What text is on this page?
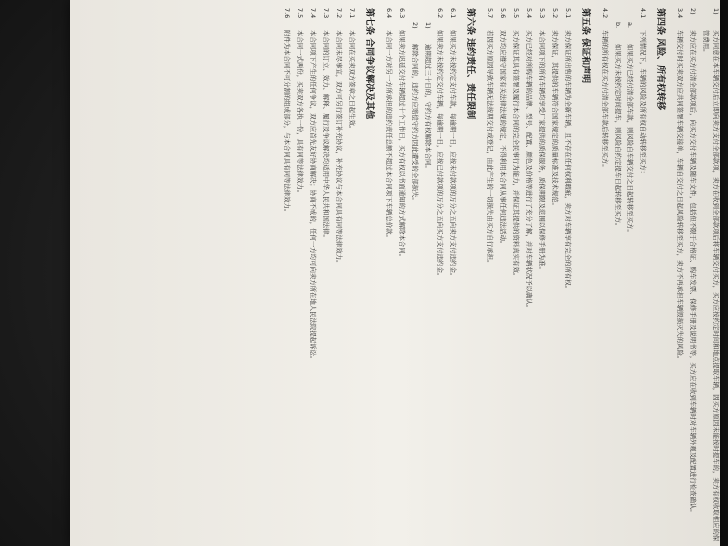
1)
买方同意在本车辆交付后立即向卖方支付全部款项，卖方在收到全部款项后将车辆交付买方，买方应按约定时间和地点提取车辆，因买方原因未能按时提车的，卖方有权收取相应的保管费用。
2)
卖方应在买方付清全部款项后，向买方交付车辆及随车文件，包括但不限于合格证、购车发票、保修手册及说明书等，买方应在收到车辆时对车辆外观及配置进行检查确认。
3.4
车辆交付时买卖双方应共同签署车辆交接单，车辆自交付之日起风险转移至买方，卖方不再承担车辆毁损灭失的风险。
第四条 风险、所有权转移
4.1
下列情况下，车辆的风险及所有权自动转移至买方：
a.
如果买方已经付清全部车款，则风险自车辆交付之日起转移至买方。
b.
如果买方未按约定时间提车，则风险自约定提车日起转移至买方。
4.2
车辆的所有权在买方付清全部车款后转移至买方。
第五条 保证和声明
5.1
卖方保证所出售的车辆为全新车辆，且不存在任何权利瑕疵，卖方对车辆享有完全的所有权。
5.2
卖方保证，其提供的车辆符合国家规定的质量标准及技术规范。
5.3
本合同项下的所有车辆均享受厂家提供的质保服务，质保期限及范围以保修手册为准。
5.4
买方已经对所购车辆的品牌、型号、配置、颜色及价格等进行了充分了解，并对车辆状况予以确认。
5.5
买方保证其具有签署及履行本合同的完全民事行为能力，并保证其提供的资料真实有效。
5.6
双方均应遵守国家有关法律法规的规定，不得利用本合同从事任何违法活动。
5.7
若因买方原因导致车辆无法按期交付或登记，由此产生的一切损失由买方自行承担。
第六条 违约责任、责任限制
6.1
如果买方未按约定支付车款，每逾期一日，应按未付款项的万分之五向卖方支付违约金。
6.2
如果卖方未按约定交付车辆，每逾期一日，应按已付款项的万分之五向买方支付违约金。
1)
逾期超过三十日的，守约方有权解除本合同。
2)
解除合同的，违约方应赔偿守约方因此遭受的全部损失。
6.3
如果卖方迟延交付车辆超过十个工作日，买方有权以书面通知的方式解除本合同。
6.4
本合同一方对另一方所承担的违约责任总额不超过本合同项下车辆总价款。
第七条 合同争议解决及其他
7.1
本合同在买卖双方签章之日起生效。
7.2
本合同未尽事宜，双方可另行签订补充协议，补充协议与本合同具有同等法律效力。
7.3
本合同的订立、效力、解释、履行及争议解决均适用中华人民共和国法律。
7.4
本合同项下产生的任何争议，双方应首先友好协商解决；协商不成的，任何一方均可向卖方所在地人民法院提起诉讼。
7.5
本合同一式两份，买卖双方各执一份，具有同等法律效力。
7.6
附件为本合同不可分割的组成部分，与本合同具有同等法律效力。
